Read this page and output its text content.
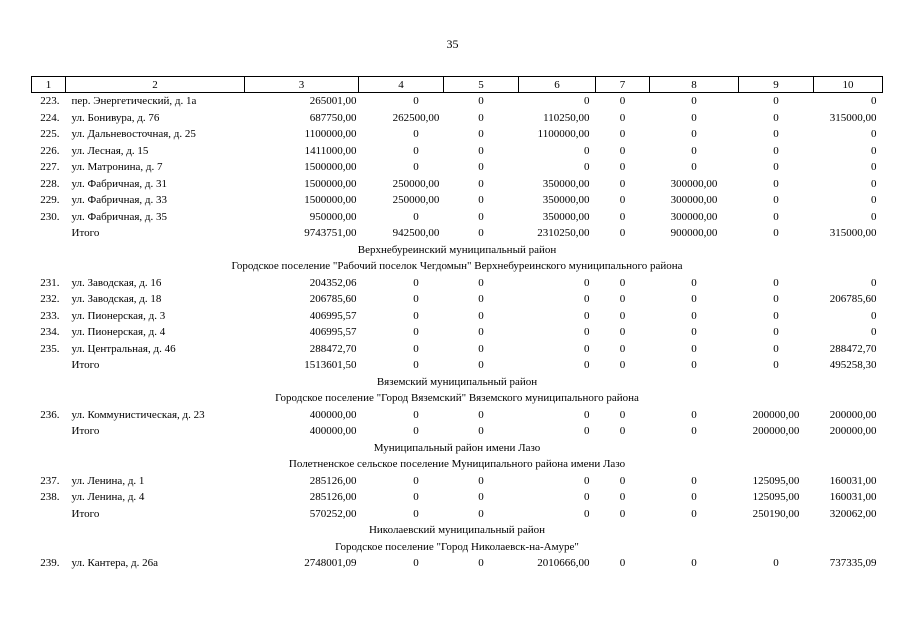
35
1	2	3	4	5	6	7	8	9	10
223.	пер. Энергетический, д. 1а	265001,00	0	0	0	0	0	0	0
224.	ул. Бонивура, д. 76	687750,00	262500,00	0	110250,00	0	0	0	315000,00
225.	ул. Дальневосточная, д. 25	1100000,00	0	0	1100000,00	0	0	0	0
226.	ул. Лесная, д. 15	1411000,00	0	0	0	0	0	0	0
227.	ул. Матронина, д. 7	1500000,00	0	0	0	0	0	0	0
228.	ул. Фабричная, д. 31	1500000,00	250000,00	0	350000,00	0	300000,00	0	0
229.	ул. Фабричная, д. 33	1500000,00	250000,00	0	350000,00	0	300000,00	0	0
230.	ул. Фабричная, д. 35	950000,00	0	0	350000,00	0	300000,00	0	0
	Итого	9743751,00	942500,00	0	2310250,00	0	900000,00	0	315000,00
Верхнебуреинский муниципальный район									
Городское поселение "Рабочий поселок Чегдомын" Верхнебуреинского муниципального района									
231.	ул. Заводская, д. 16	204352,06	0	0	0	0	0	0	0
232.	ул. Заводская, д. 18	206785,60	0	0	0	0	0	0	206785,60
233.	ул. Пионерская, д. 3	406995,57	0	0	0	0	0	0	0
234.	ул. Пионерская, д. 4	406995,57	0	0	0	0	0	0	0
235.	ул. Центральная, д. 46	288472,70	0	0	0	0	0	0	288472,70
	Итого	1513601,50	0	0	0	0	0	0	495258,30
Вяземский муниципальный район									
Городское поселение "Город Вяземский" Вяземского муниципального района									
236.	ул. Коммунистическая, д. 23	400000,00	0	0	0	0	0	200000,00	200000,00
	Итого	400000,00	0	0	0	0	0	200000,00	200000,00
Муниципальный район имени Лазо									
Полетненское сельское поселение Муниципального района имени Лазо									
237.	ул. Ленина, д. 1	285126,00	0	0	0	0	0	125095,00	160031,00
238.	ул. Ленина, д. 4	285126,00	0	0	0	0	0	125095,00	160031,00
	Итого	570252,00	0	0	0	0	0	250190,00	320062,00
Николаевский муниципальный район									
Городское поселение "Город Николаевск-на-Амуре"									
239.	ул. Кантера, д. 26а	2748001,09	0	0	2010666,00	0	0	0	737335,09
